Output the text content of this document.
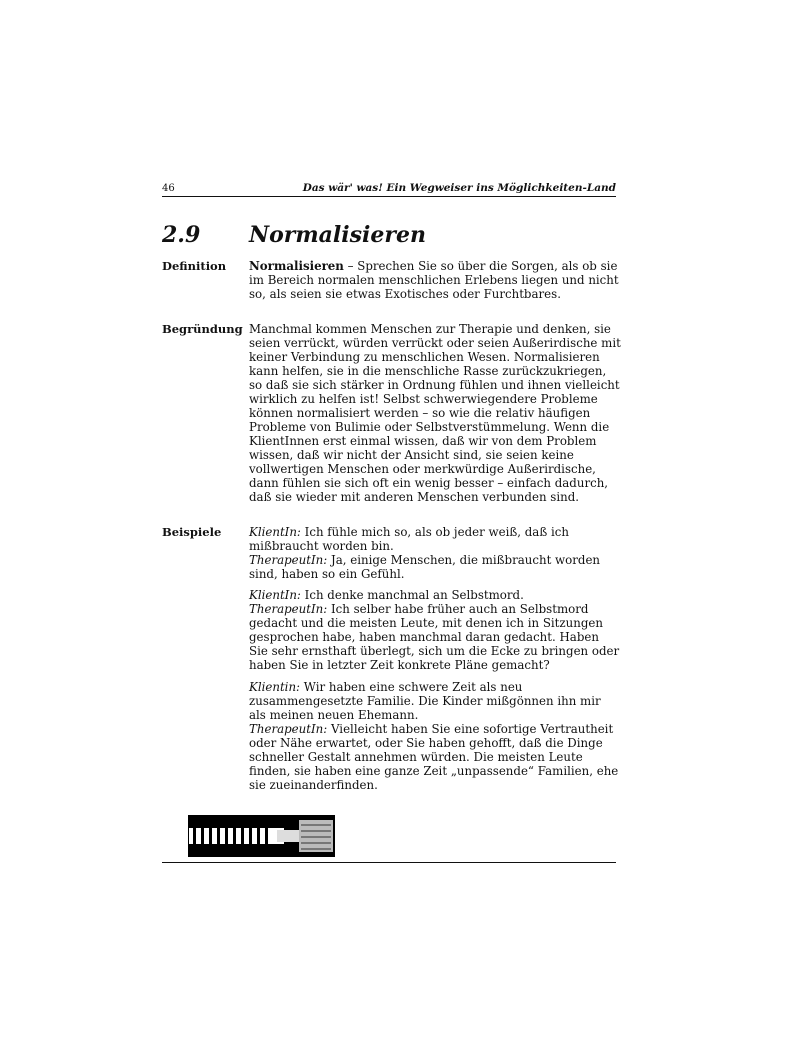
46	Das wär' was! Ein Wegweiser ins Möglichkeiten-Land
2.9 Normalisieren
Definition Normalisieren – Sprechen Sie so über die Sorgen, als ob sie im Bereich normalen menschlichen Erlebens liegen und nicht so, als seien sie etwas Exotisches oder Furchtbares.
Begründung Manchmal kommen Menschen zur Therapie und denken, sie seien verrückt, würden verrückt oder seien Außerirdische mit keiner Verbindung zu menschlichen Wesen. Normalisieren kann helfen, sie in die menschliche Rasse zurückzukriegen, so daß sie sich stärker in Ordnung fühlen und ihnen vielleicht wirklich zu helfen ist! Selbst schwerwiegendere Probleme können normalisiert werden – so wie die relativ häufigen Probleme von Bulimie oder Selbstverstümmelung. Wenn die KlientInnen erst einmal wissen, daß wir von dem Problem wissen, daß wir nicht der Ansicht sind, sie seien keine vollwertigen Menschen oder merkwürdige Außerirdische, dann fühlen sie sich oft ein wenig besser – einfach dadurch, daß sie wieder mit anderen Menschen verbunden sind.

Beispiele KlientIn: Ich fühle mich so, als ob jeder weiß, daß ich mißbraucht worden bin.

TherapeutIn: Ja, einige Menschen, die mißbraucht worden sind, haben so ein Gefühl.

KlientIn: Ich denke manchmal an Selbstmord.

TherapeutIn: Ich selber habe früher auch an Selbstmord gedacht und die meisten Leute, mit denen ich in Sitzungen gesprochen habe, haben manchmal daran gedacht. Haben Sie sehr ernsthaft überlegt, sich um die Ecke zu bringen oder haben Sie in letzter Zeit konkrete Pläne gemacht?

Klientin: Wir haben eine schwere Zeit als neu zusammengesetzte Familie. Die Kinder mißgönnen ihn mir als meinen neuen Ehemann.

TherapeutIn: Vielleicht haben Sie eine sofortige Vertrautheit oder Nähe erwartet, oder Sie haben gehofft, daß die Dinge schneller Gestalt annehmen würden. Die meisten Leute finden, sie haben eine ganze Zeit „unpassende“ Familien, ehe sie zueinanderfinden.
